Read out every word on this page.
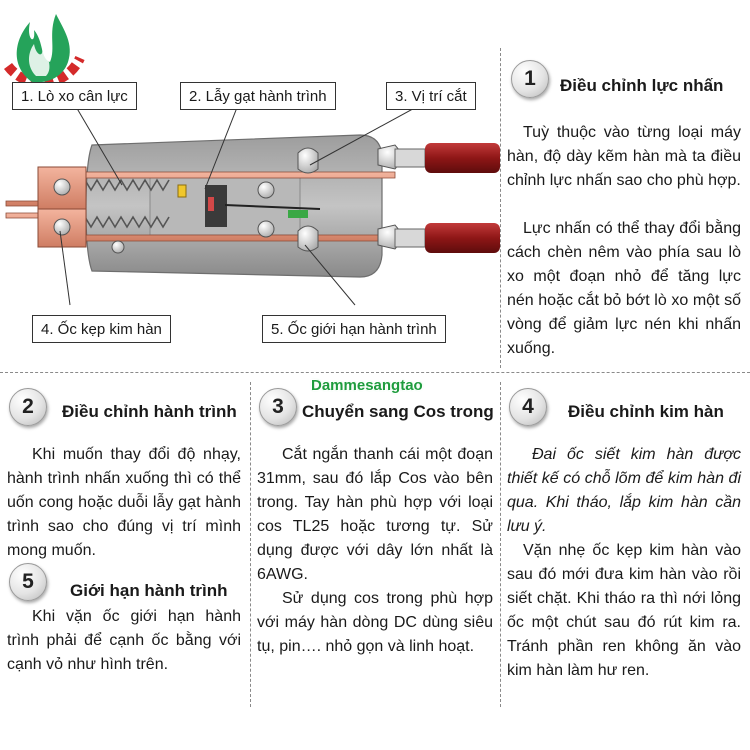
1. Lò xo cân lực	2. Lẫy gạt hành trình	3. Vị trí cắt
4. Ốc kẹp kim hàn	5. Ốc giới hạn hành trình
1	Điều chỉnh lực nhấn

Tuỳ thuộc vào từng loại máy hàn, độ dày kẽm hàn mà ta điều chỉnh lực nhấn sao cho phù hợp.

Lực nhấn có thể thay đổi bằng cách chèn nêm vào phía sau lò xo một đoạn nhỏ để tăng lực nén hoặc cắt bỏ bớt lò xo một số vòng để giảm lực nén khi nhấn xuống.

2	Điều chỉnh hành trình

Khi muốn thay đổi độ nhạy, hành trình nhấn xuống thì có thể uốn cong hoặc duỗi lẫy gạt hành trình sao cho đúng vị trí mình mong muốn.

5	Giới hạn hành trình

Khi vặn ốc giới hạn hành trình phải để cạnh ốc bằng với cạnh vỏ như hình trên.

Dammesangtao
3	Chuyển sang Cos trong

Cắt ngắn thanh cái một đoạn 31mm, sau đó lắp Cos vào bên trong. Tay hàn phù hợp với loại cos TL25 hoặc tương tự. Sử dụng được với dây lớn nhất là 6AWG.

Sử dụng cos trong phù hợp với máy hàn dòng DC dùng siêu tụ, pin…. nhỏ gọn và linh hoạt.

4	Điều chỉnh kim hàn

Đai ốc siết kim hàn được thiết kế có chỗ lõm để kim hàn đi qua. Khi tháo, lắp kim hàn cần lưu ý.

Vặn nhẹ ốc kẹp kim hàn vào sau đó mới đưa kim hàn vào rồi siết chặt. Khi tháo ra thì nới lỏng ốc một chút sau đó rút kim ra. Tránh phần ren không ăn vào kim hàn làm hư ren.
